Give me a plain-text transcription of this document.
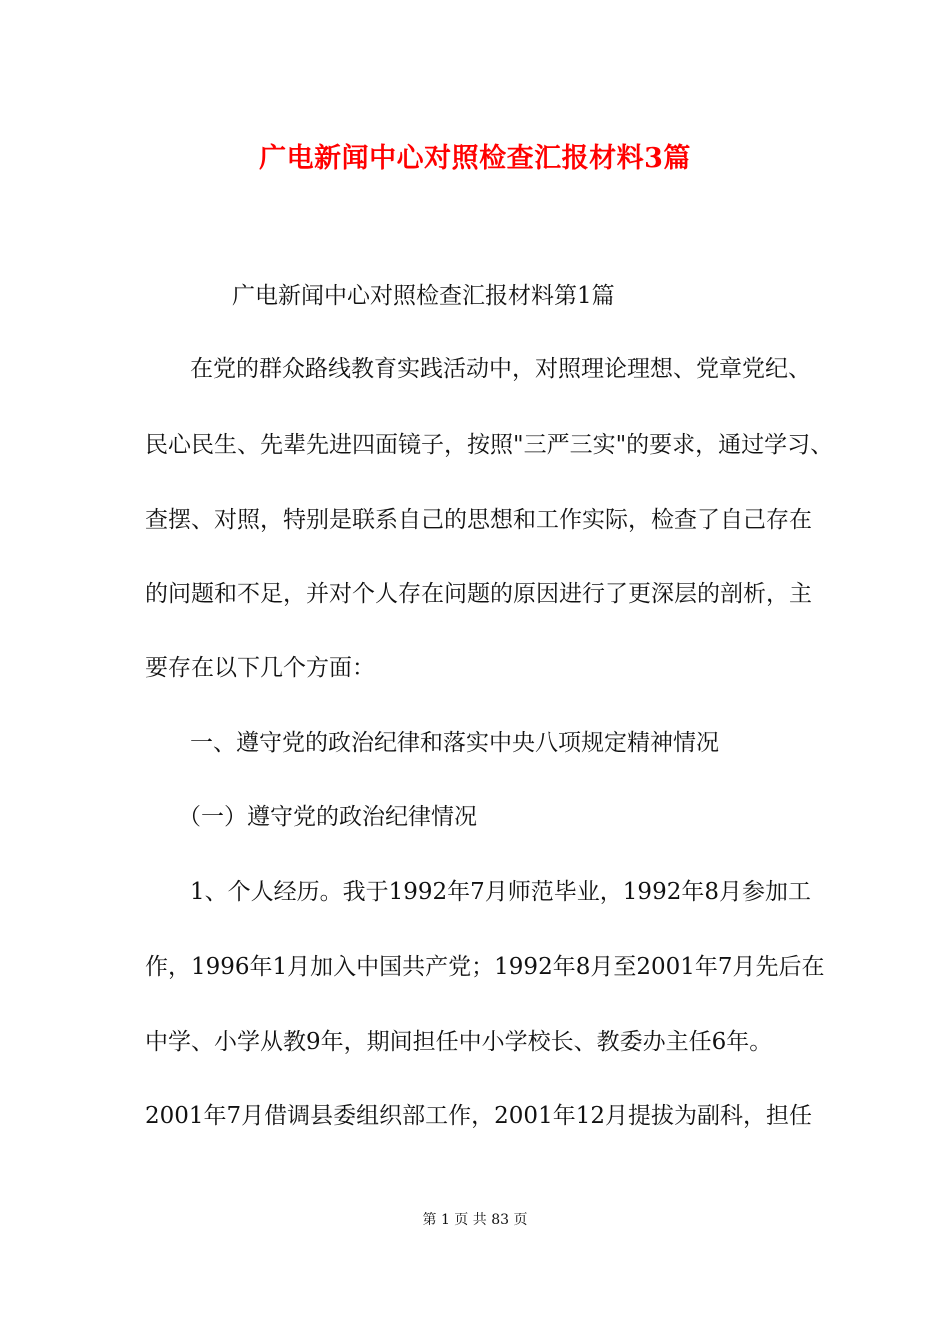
广电新闻中心对照检查汇报材料3篇
广电新闻中心对照检查汇报材料第1篇
在党的群众路线教育实践活动中，对照理论理想、党章党纪、
民心民生、先辈先进四面镜子，按照"三严三实"的要求，通过学习、
查摆、对照，特别是联系自己的思想和工作实际，检查了自己存在
的问题和不足，并对个人存在问题的原因进行了更深层的剖析，主
要存在以下几个方面：
一、遵守党的政治纪律和落实中央八项规定精神情况
（一）遵守党的政治纪律情况
1、个人经历。我于1992年7月师范毕业，1992年8月参加工
作，1996年1月加入中国共产党；1992年8月至2001年7月先后在
中学、小学从教9年，期间担任中小学校长、教委办主任6年。
2001年7月借调县委组织部工作，2001年12月提拔为副科，担任
第 1 页 共 83 页
